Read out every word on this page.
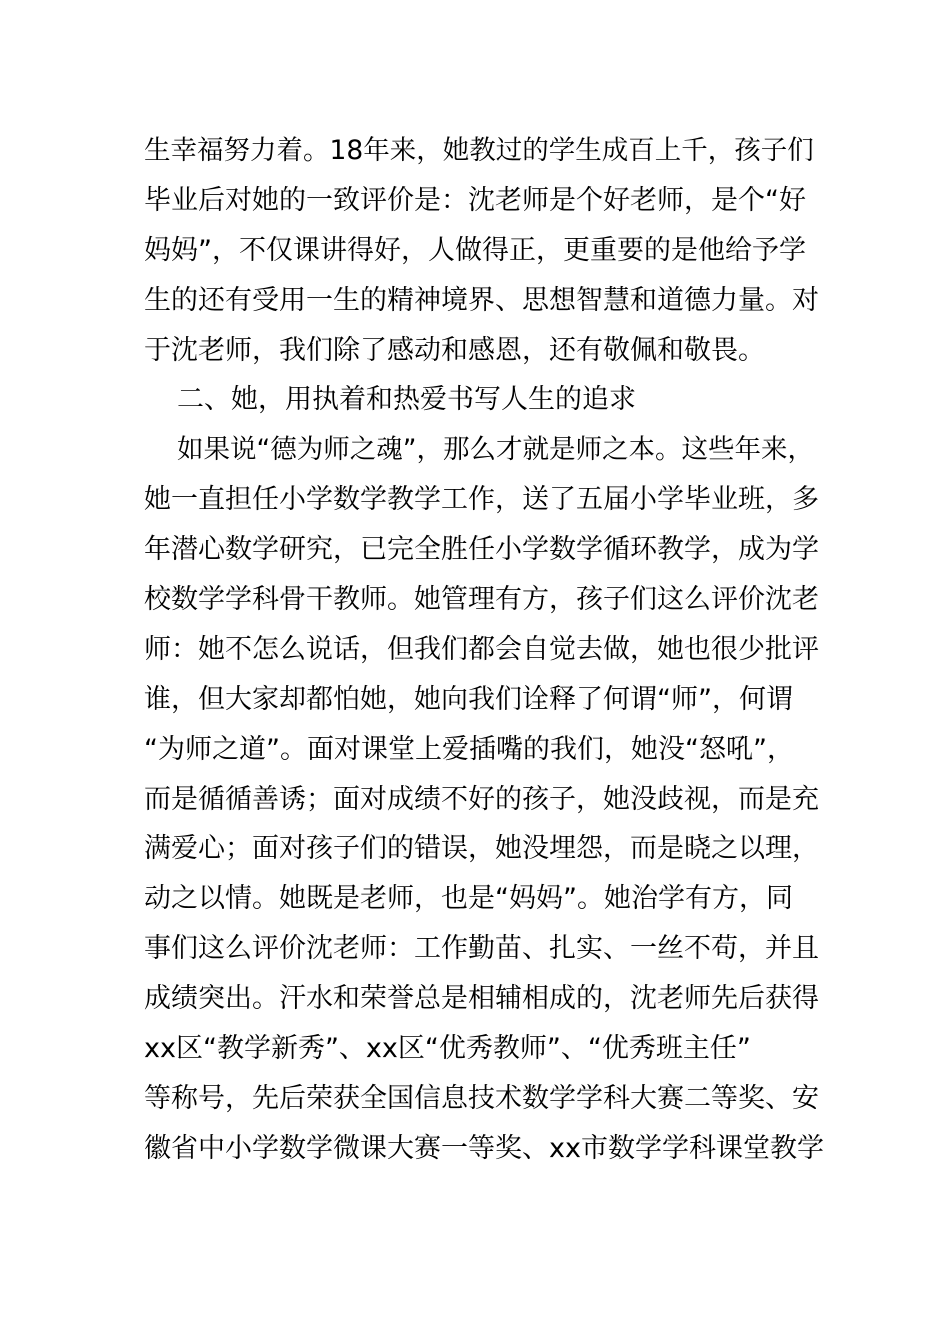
生幸福努力着。18年来，她教过的学生成百上千，孩子们
毕业后对她的一致评价是：沈老师是个好老师，是个“好
妈妈”，不仅课讲得好，人做得正，更重要的是他给予学
生的还有受用一生的精神境界、思想智慧和道德力量。对
于沈老师，我们除了感动和感恩，还有敬佩和敬畏。
二、她，用执着和热爱书写人生的追求
如果说“德为师之魂”，那么才就是师之本。这些年来，
她一直担任小学数学教学工作，送了五届小学毕业班，多
年潜心数学研究，已完全胜任小学数学循环教学，成为学
校数学学科骨干教师。她管理有方，孩子们这么评价沈老
师：她不怎么说话，但我们都会自觉去做，她也很少批评
谁，但大家却都怕她，她向我们诠释了何谓“师”，何谓
“为师之道”。面对课堂上爱插嘴的我们，她没“怒吼”，
而是循循善诱；面对成绩不好的孩子，她没歧视，而是充
满爱心；面对孩子们的错误，她没埋怨，而是晓之以理，
动之以情。她既是老师，也是“妈妈”。她治学有方，同
事们这么评价沈老师：工作勤苗、扎实、一丝不苟，并且
成绩突出。汗水和荣誉总是相辅相成的，沈老师先后获得
xx区“教学新秀”、xx区“优秀教师”、“优秀班主任”
等称号，先后荣获全国信息技术数学学科大赛二等奖、安
徽省中小学数学微课大赛一等奖、xx市数学学科课堂教学
